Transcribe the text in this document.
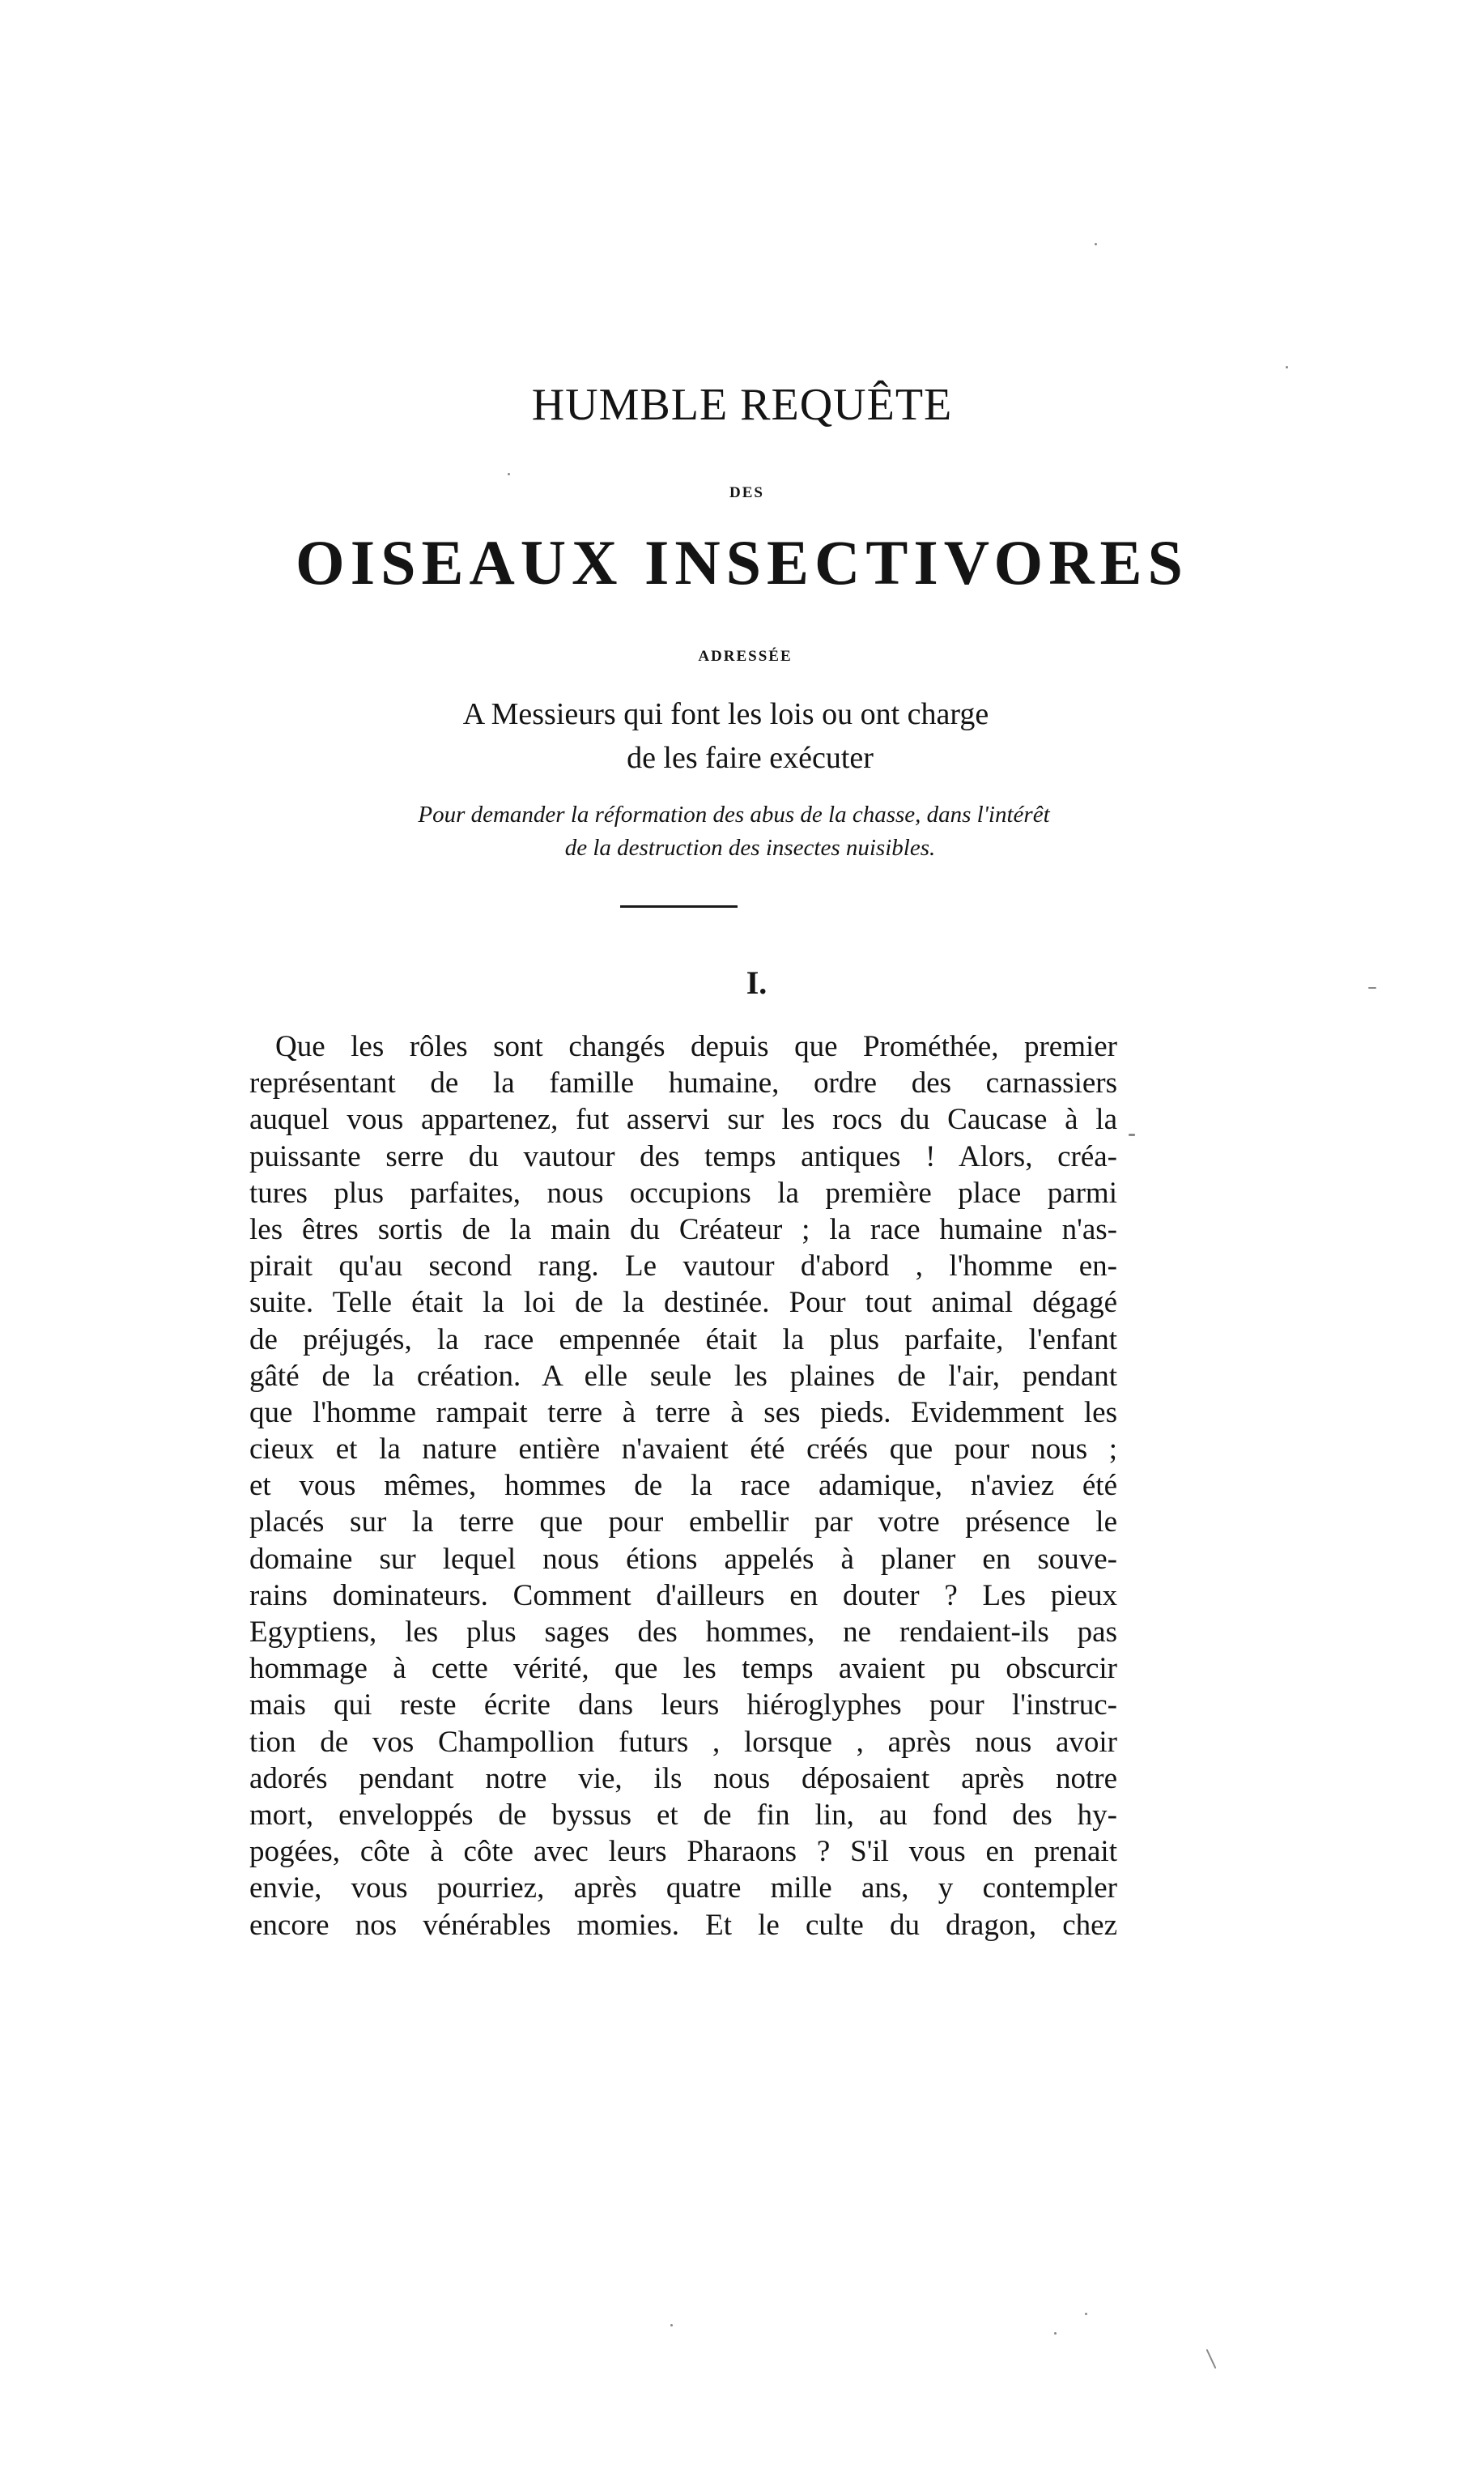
HUMBLE REQUÊTE
DES
OISEAUX INSECTIVORES
ADRESSÉE
A Messieurs qui font les lois ou ont charge
de les faire exécuter
Pour demander la réformation des abus de la chasse, dans l'intérêt
de la destruction des insectes nuisibles.
I.
Que les rôles sont changés depuis que Prométhée, premier
représentant de la famille humaine, ordre des carnassiers
auquel vous appartenez, fut asservi sur les rocs du Caucase à la
puissante serre du vautour des temps antiques ! Alors, créa-
tures plus parfaites, nous occupions la première place parmi
les êtres sortis de la main du Créateur ; la race humaine n'as-
pirait qu'au second rang. Le vautour d'abord , l'homme en-
suite. Telle était la loi de la destinée. Pour tout animal dégagé
de préjugés, la race empennée était la plus parfaite, l'enfant
gâté de la création. A elle seule les plaines de l'air, pendant
que l'homme rampait terre à terre à ses pieds. Evidemment les
cieux et la nature entière n'avaient été créés que pour nous ;
et vous mêmes, hommes de la race adamique, n'aviez été
placés sur la terre que pour embellir par votre présence le
domaine sur lequel nous étions appelés à planer en souve-
rains dominateurs. Comment d'ailleurs en douter ? Les pieux
Egyptiens, les plus sages des hommes, ne rendaient-ils pas
hommage à cette vérité, que les temps avaient pu obscurcir
mais qui reste écrite dans leurs hiéroglyphes pour l'instruc-
tion de vos Champollion futurs , lorsque , après nous avoir
adorés pendant notre vie, ils nous déposaient après notre
mort, enveloppés de byssus et de fin lin, au fond des hy-
pogées, côte à côte avec leurs Pharaons ? S'il vous en prenait
envie, vous pourriez, après quatre mille ans, y contempler
encore nos vénérables momies. Et le culte du dragon, chez
